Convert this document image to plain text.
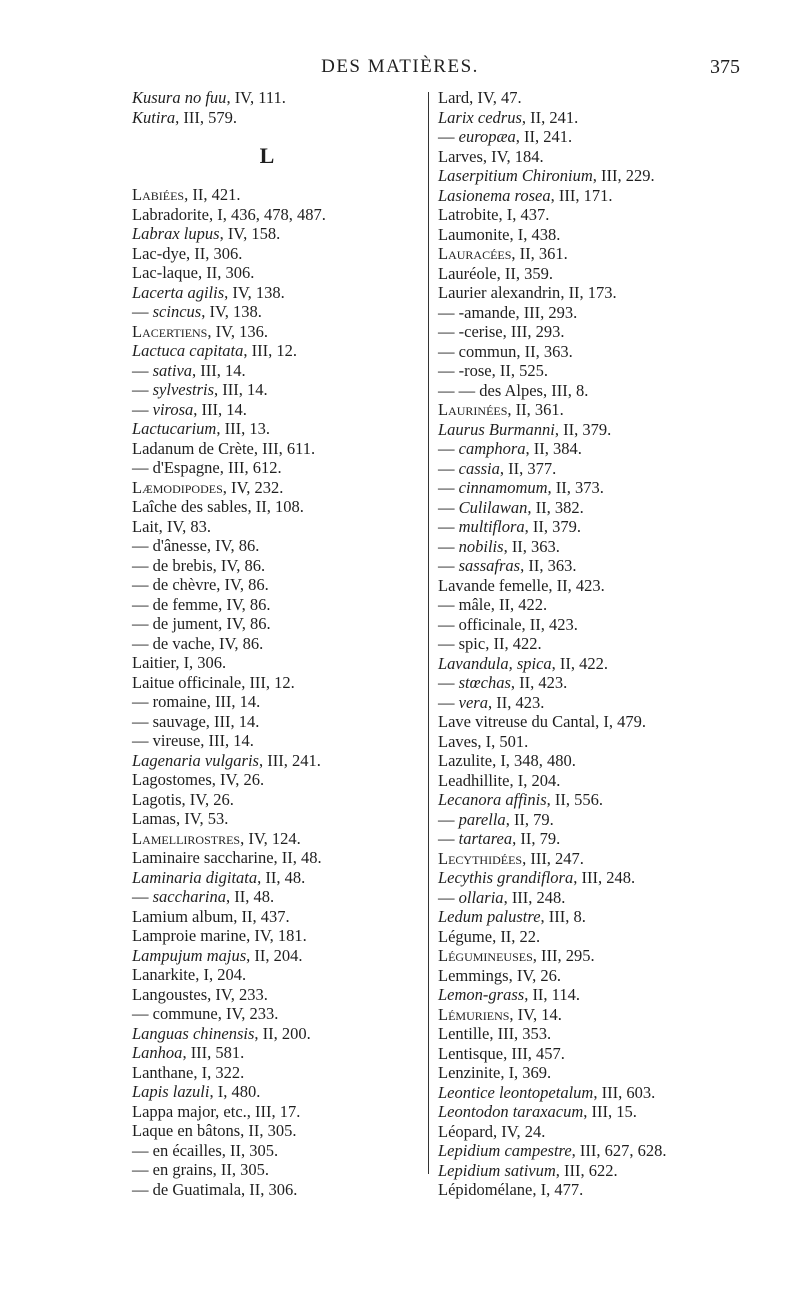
DES MATIÈRES.	375
Kusura no fuu, IV, 111.
Kutira, III, 579.
L
Labiées, II, 421.
Labradorite, I, 436, 478, 487.
Labrax lupus, IV, 158.
Lac-dye, II, 306.
Lac-laque, II, 306.
Lacerta agilis, IV, 138.
— scincus, IV, 138.
Lacertiens, IV, 136.
Lactuca capitata, III, 12.
— sativa, III, 14.
— sylvestris, III, 14.
— virosa, III, 14.
Lactucarium, III, 13.
Ladanum de Crète, III, 611.
— d'Espagne, III, 612.
Læmodipodes, IV, 232.
Laîche des sables, II, 108.
Lait, IV, 83.
— d'ânesse, IV, 86.
— de brebis, IV, 86.
— de chèvre, IV, 86.
— de femme, IV, 86.
— de jument, IV, 86.
— de vache, IV, 86.
Laitier, I, 306.
Laitue officinale, III, 12.
— romaine, III, 14.
— sauvage, III, 14.
— vireuse, III, 14.
Lagenaria vulgaris, III, 241.
Lagostomes, IV, 26.
Lagotis, IV, 26.
Lamas, IV, 53.
Lamellirostres, IV, 124.
Laminaire saccharine, II, 48.
Laminaria digitata, II, 48.
— saccharina, II, 48.
Lamium album, II, 437.
Lamproie marine, IV, 181.
Lampujum majus, II, 204.
Lanarkite, I, 204.
Langoustes, IV, 233.
— commune, IV, 233.
Languas chinensis, II, 200.
Lanhoa, III, 581.
Lanthane, I, 322.
Lapis lazuli, I, 480.
Lappa major, etc., III, 17.
Laque en bâtons, II, 305.
— en écailles, II, 305.
— en grains, II, 305.
— de Guatimala, II, 306.
Lard, IV, 47.
Larix cedrus, II, 241.
— europæa, II, 241.
Larves, IV, 184.
Laserpitium Chironium, III, 229.
Lasionema rosea, III, 171.
Latrobite, I, 437.
Laumonite, I, 438.
Lauracées, II, 361.
Lauréole, II, 359.
Laurier alexandrin, II, 173.
— -amande, III, 293.
— -cerise, III, 293.
— commun, II, 363.
— -rose, II, 525.
— — des Alpes, III, 8.
Laurinées, II, 361.
Laurus Burmanni, II, 379.
— camphora, II, 384.
— cassia, II, 377.
— cinnamomum, II, 373.
— Culilawan, II, 382.
— multiflora, II, 379.
— nobilis, II, 363.
— sassafras, II, 363.
Lavande femelle, II, 423.
— mâle, II, 422.
— officinale, II, 423.
— spic, II, 422.
Lavandula, spica, II, 422.
— stœchas, II, 423.
— vera, II, 423.
Lave vitreuse du Cantal, I, 479.
Laves, I, 501.
Lazulite, I, 348, 480.
Leadhillite, I, 204.
Lecanora affinis, II, 556.
— parella, II, 79.
— tartarea, II, 79.
Lecythidées, III, 247.
Lecythis grandiflora, III, 248.
— ollaria, III, 248.
Ledum palustre, III, 8.
Légume, II, 22.
Légumineuses, III, 295.
Lemmings, IV, 26.
Lemon-grass, II, 114.
Lémuriens, IV, 14.
Lentille, III, 353.
Lentisque, III, 457.
Lenzinite, I, 369.
Leontice leontopetalum, III, 603.
Leontodon taraxacum, III, 15.
Léopard, IV, 24.
Lepidium campestre, III, 627, 628.
Lepidium sativum, III, 622.
Lépidomélane, I, 477.
